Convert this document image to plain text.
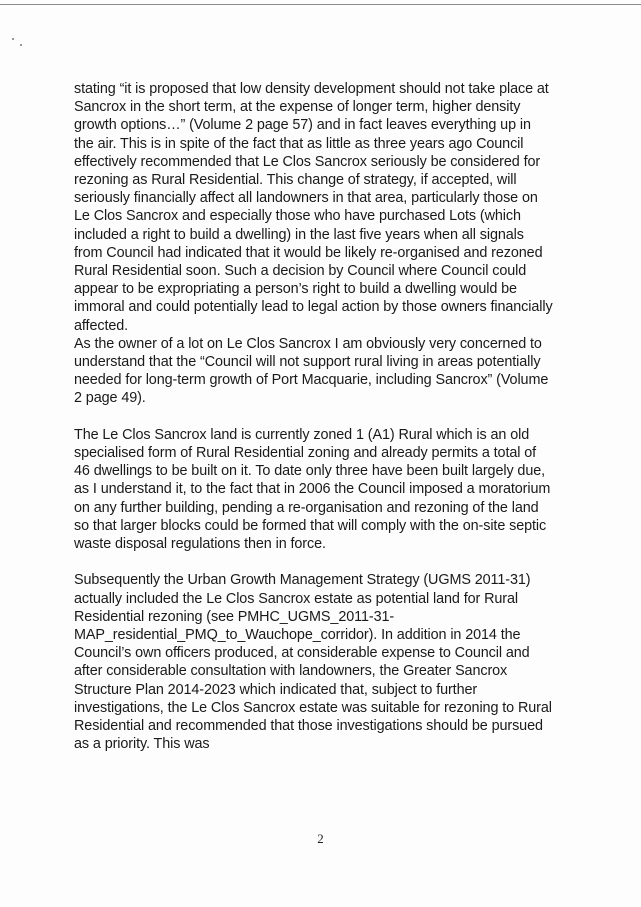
stating “it is proposed that low density development should not take place at Sancrox in the short term, at the expense of longer term, higher density growth options…” (Volume 2 page 57) and in fact leaves everything up in the air. This is in spite of the fact that as little as three years ago Council effectively recommended that Le Clos Sancrox seriously be considered for rezoning as Rural Residential. This change of strategy, if accepted, will seriously financially affect all landowners in that area, particularly those on Le Clos Sancrox and especially those who have purchased Lots (which included a right to build a dwelling) in the last five years when all signals from Council had indicated that it would be likely re-organised and rezoned Rural Residential soon. Such a decision by Council where Council could appear to be expropriating a person’s right to build a dwelling would be immoral and could potentially lead to legal action by those owners financially affected.

As the owner of a lot on Le Clos Sancrox I am obviously very concerned to understand that the “Council will not support rural living in areas potentially needed for long-term growth of Port Macquarie, including Sancrox” (Volume 2 page 49).

The Le Clos Sancrox land is currently zoned 1 (A1) Rural which is an old specialised form of Rural Residential zoning and already permits a total of 46 dwellings to be built on it. To date only three have been built largely due, as I understand it, to the fact that in 2006 the Council imposed a moratorium on any further building, pending a re-organisation and rezoning of the land so that larger blocks could be formed that will comply with the on-site septic waste disposal regulations then in force.

Subsequently the Urban Growth Management Strategy (UGMS 2011-31) actually included the Le Clos Sancrox estate as potential land for Rural Residential rezoning (see PMHC_UGMS_2011-31-MAP_residential_PMQ_to_Wauchope_corridor). In addition in 2014 the Council’s own officers produced, at considerable expense to Council and after considerable consultation with landowners, the Greater Sancrox Structure Plan 2014-2023 which indicated that, subject to further investigations, the Le Clos Sancrox estate was suitable for rezoning to Rural Residential and recommended that those investigations should be pursued as a priority. This was

2
